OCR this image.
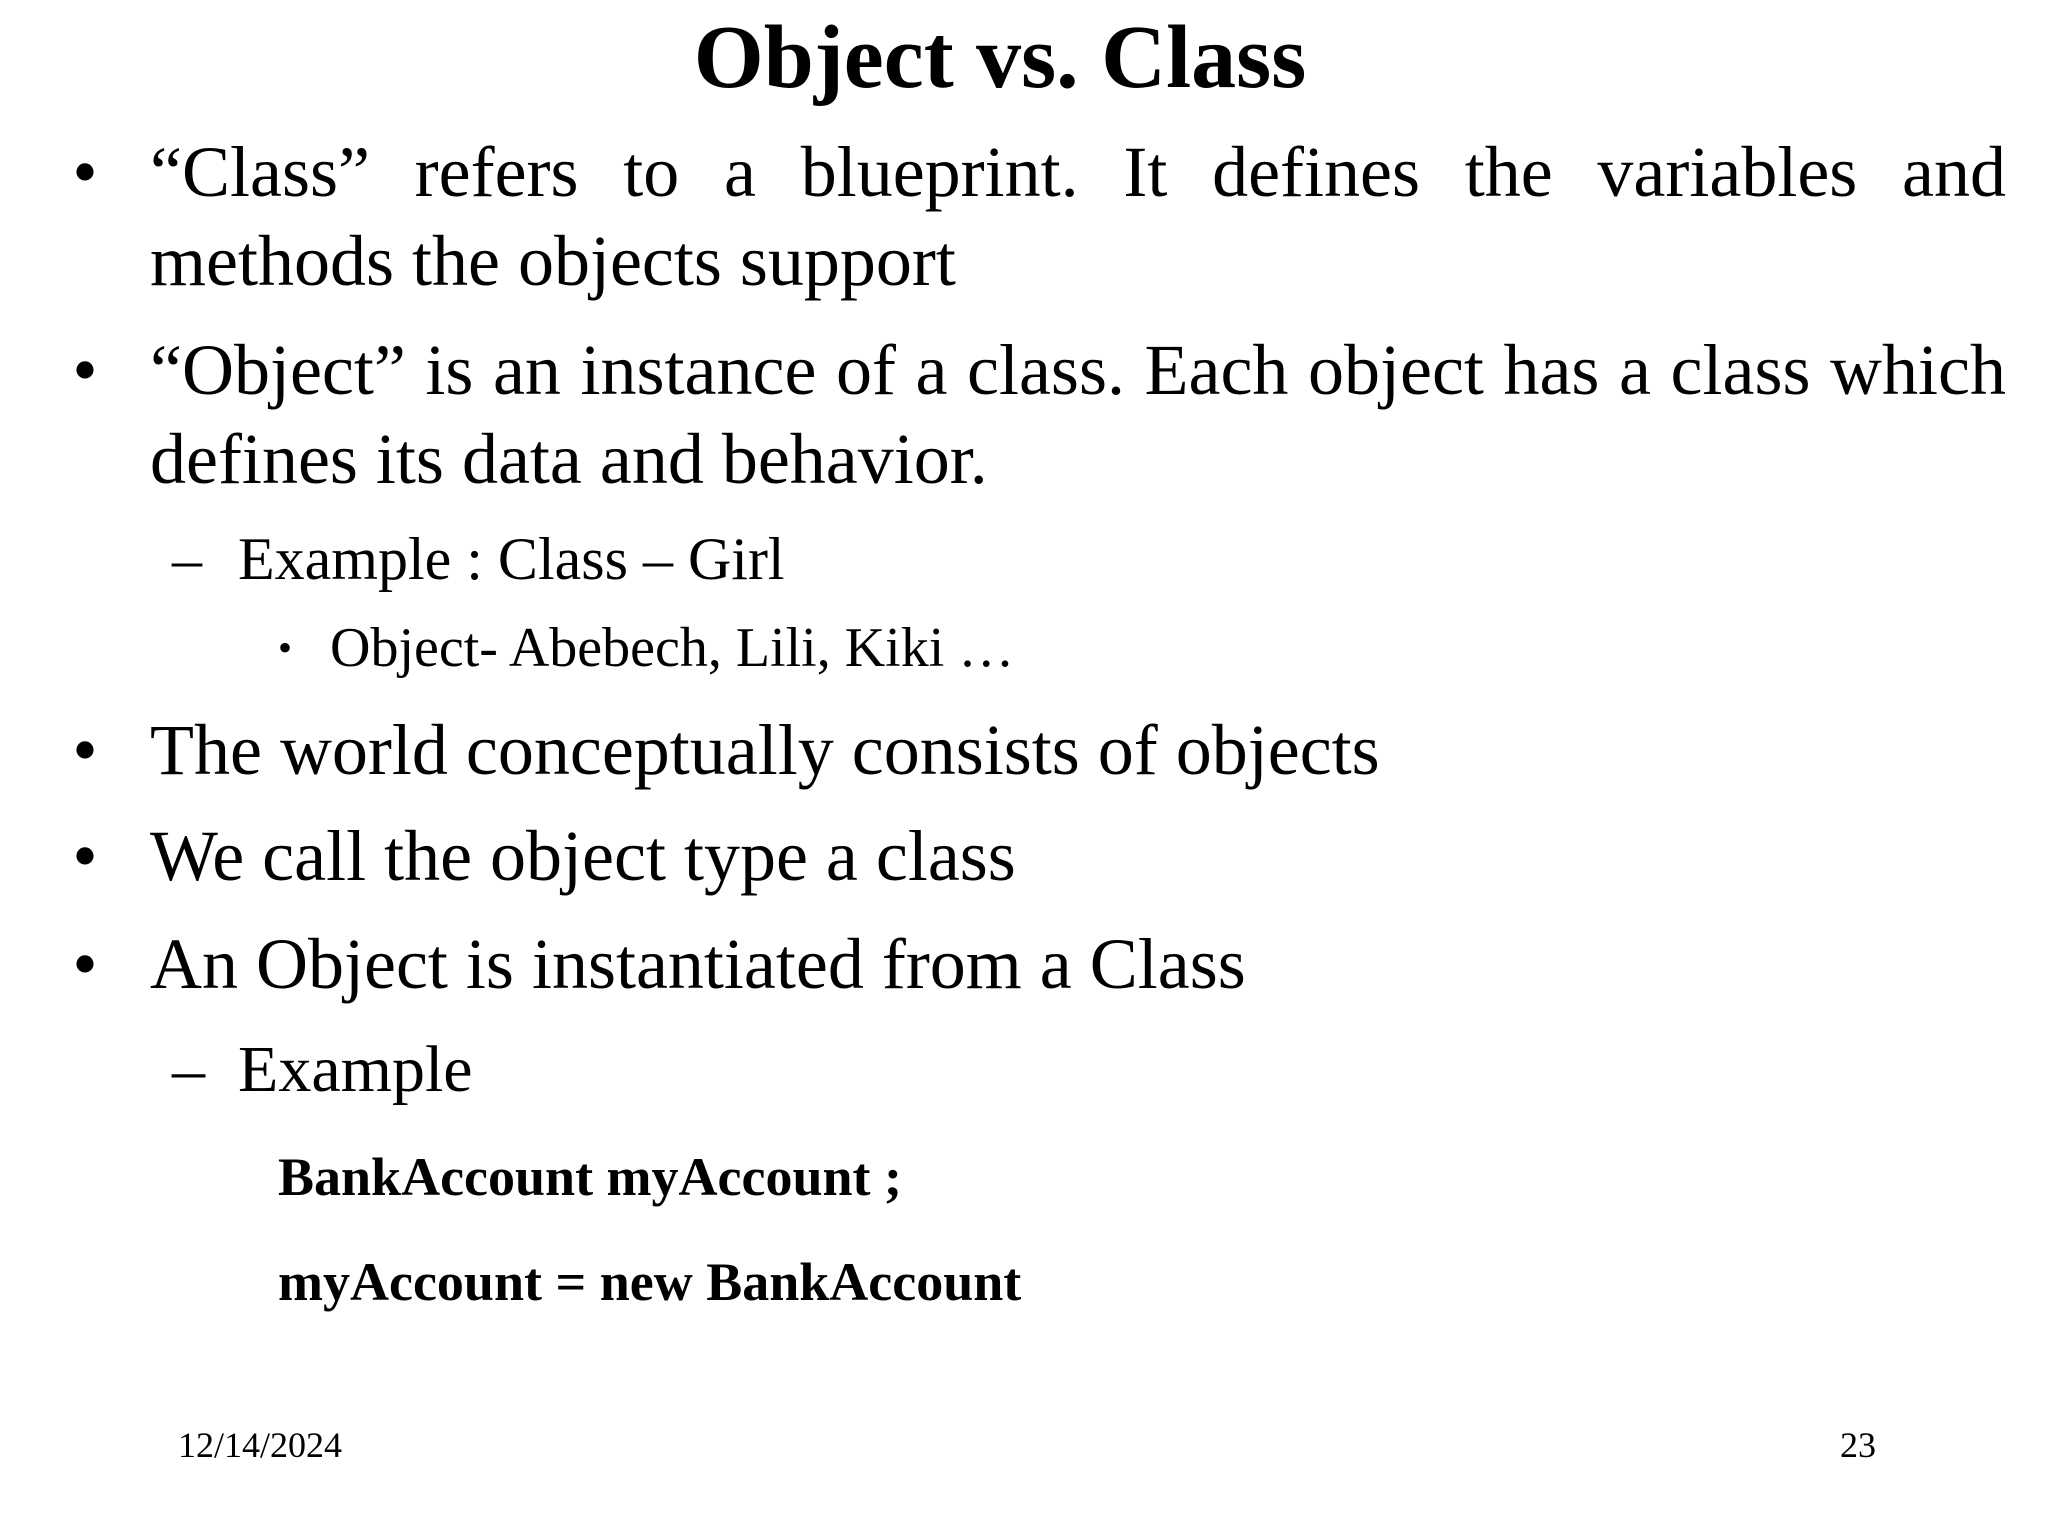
Object vs. Class
• “Class” refers to a blueprint. It defines the variables and methods the objects support
• “Object” is an instance of a class. Each object has a class which defines its data and behavior.
– Example : Class – Girl
• Object- Abebech, Lili, Kiki …
• The world conceptually consists of objects
• We call the object type a class
• An Object is instantiated from a Class
– Example
BankAccount myAccount ;
myAccount = new BankAccount
12/14/2024	23
